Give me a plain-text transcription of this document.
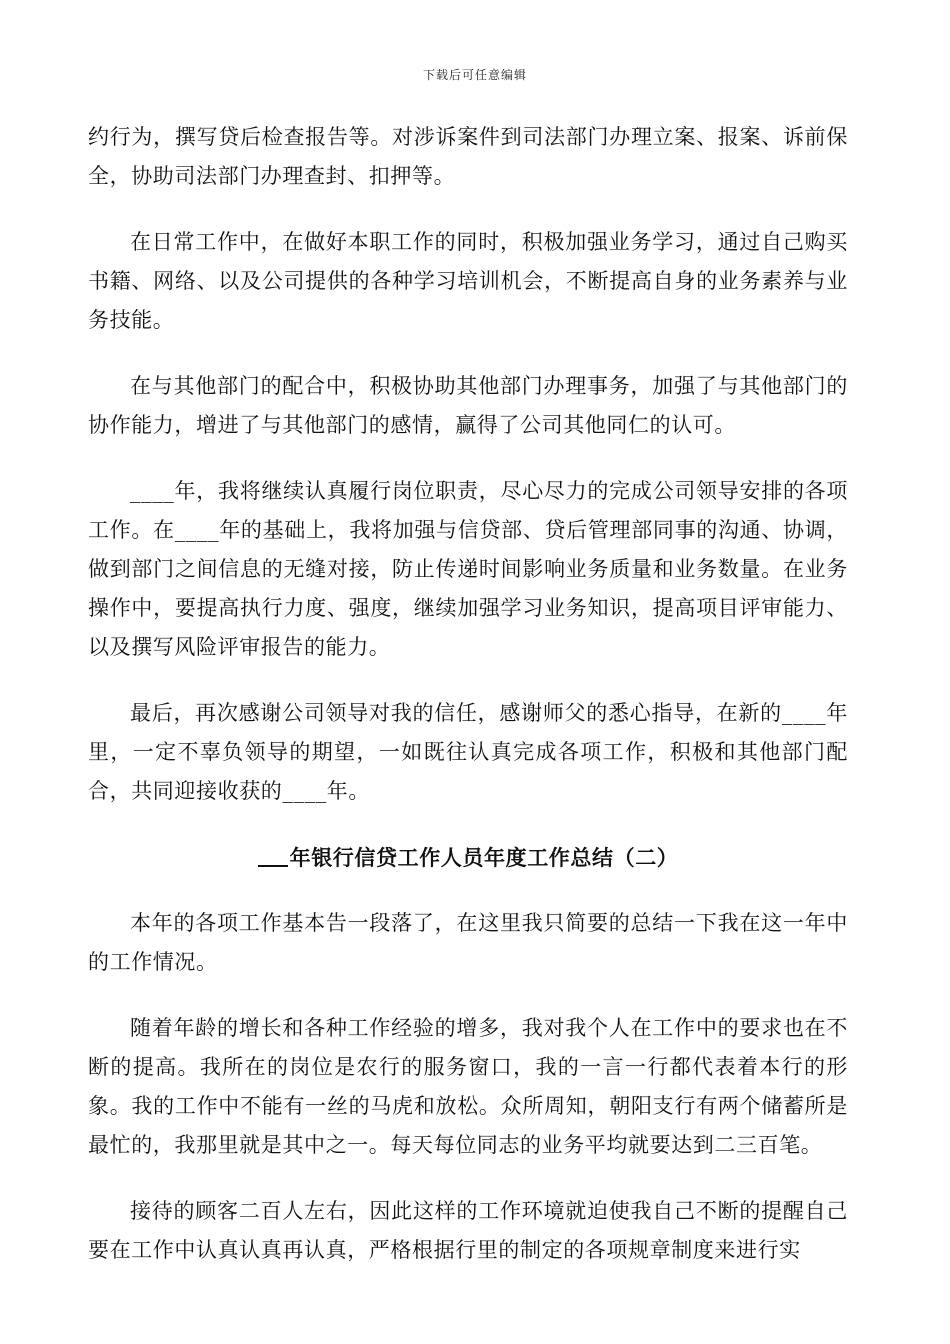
下载后可任意编辑

约行为，撰写贷后检查报告等。对涉诉案件到司法部门办理立案、报案、诉前保全，协助司法部门办理查封、扣押等。

在日常工作中，在做好本职工作的同时，积极加强业务学习，通过自己购买书籍、网络、以及公司提供的各种学习培训机会，不断提高自身的业务素养与业务技能。

在与其他部门的配合中，积极协助其他部门办理事务，加强了与其他部门的协作能力，增进了与其他部门的感情，赢得了公司其他同仁的认可。

____年，我将继续认真履行岗位职责，尽心尽力的完成公司领导安排的各项工作。在____年的基础上，我将加强与信贷部、贷后管理部同事的沟通、协调，做到部门之间信息的无缝对接，防止传递时间影响业务质量和业务数量。在业务操作中，要提高执行力度、强度，继续加强学习业务知识，提高项目评审能力、以及撰写风险评审报告的能力。

最后，再次感谢公司领导对我的信任，感谢师父的悉心指导，在新的____年里，一定不辜负领导的期望，一如既往认真完成各项工作，积极和其他部门配合，共同迎接收获的____年。

年银行信贷工作人员年度工作总结（二）

本年的各项工作基本告一段落了，在这里我只简要的总结一下我在这一年中的工作情况。

随着年龄的增长和各种工作经验的增多，我对我个人在工作中的要求也在不断的提高。我所在的岗位是农行的服务窗口，我的一言一行都代表着本行的形象。我的工作中不能有一丝的马虎和放松。众所周知，朝阳支行有两个储蓄所是最忙的，我那里就是其中之一。每天每位同志的业务平均就要达到二三百笔。

接待的顾客二百人左右，因此这样的工作环境就迫使我自己不断的提醒自己要在工作中认真认真再认真，严格根据行里的制定的各项规章制度来进行实
